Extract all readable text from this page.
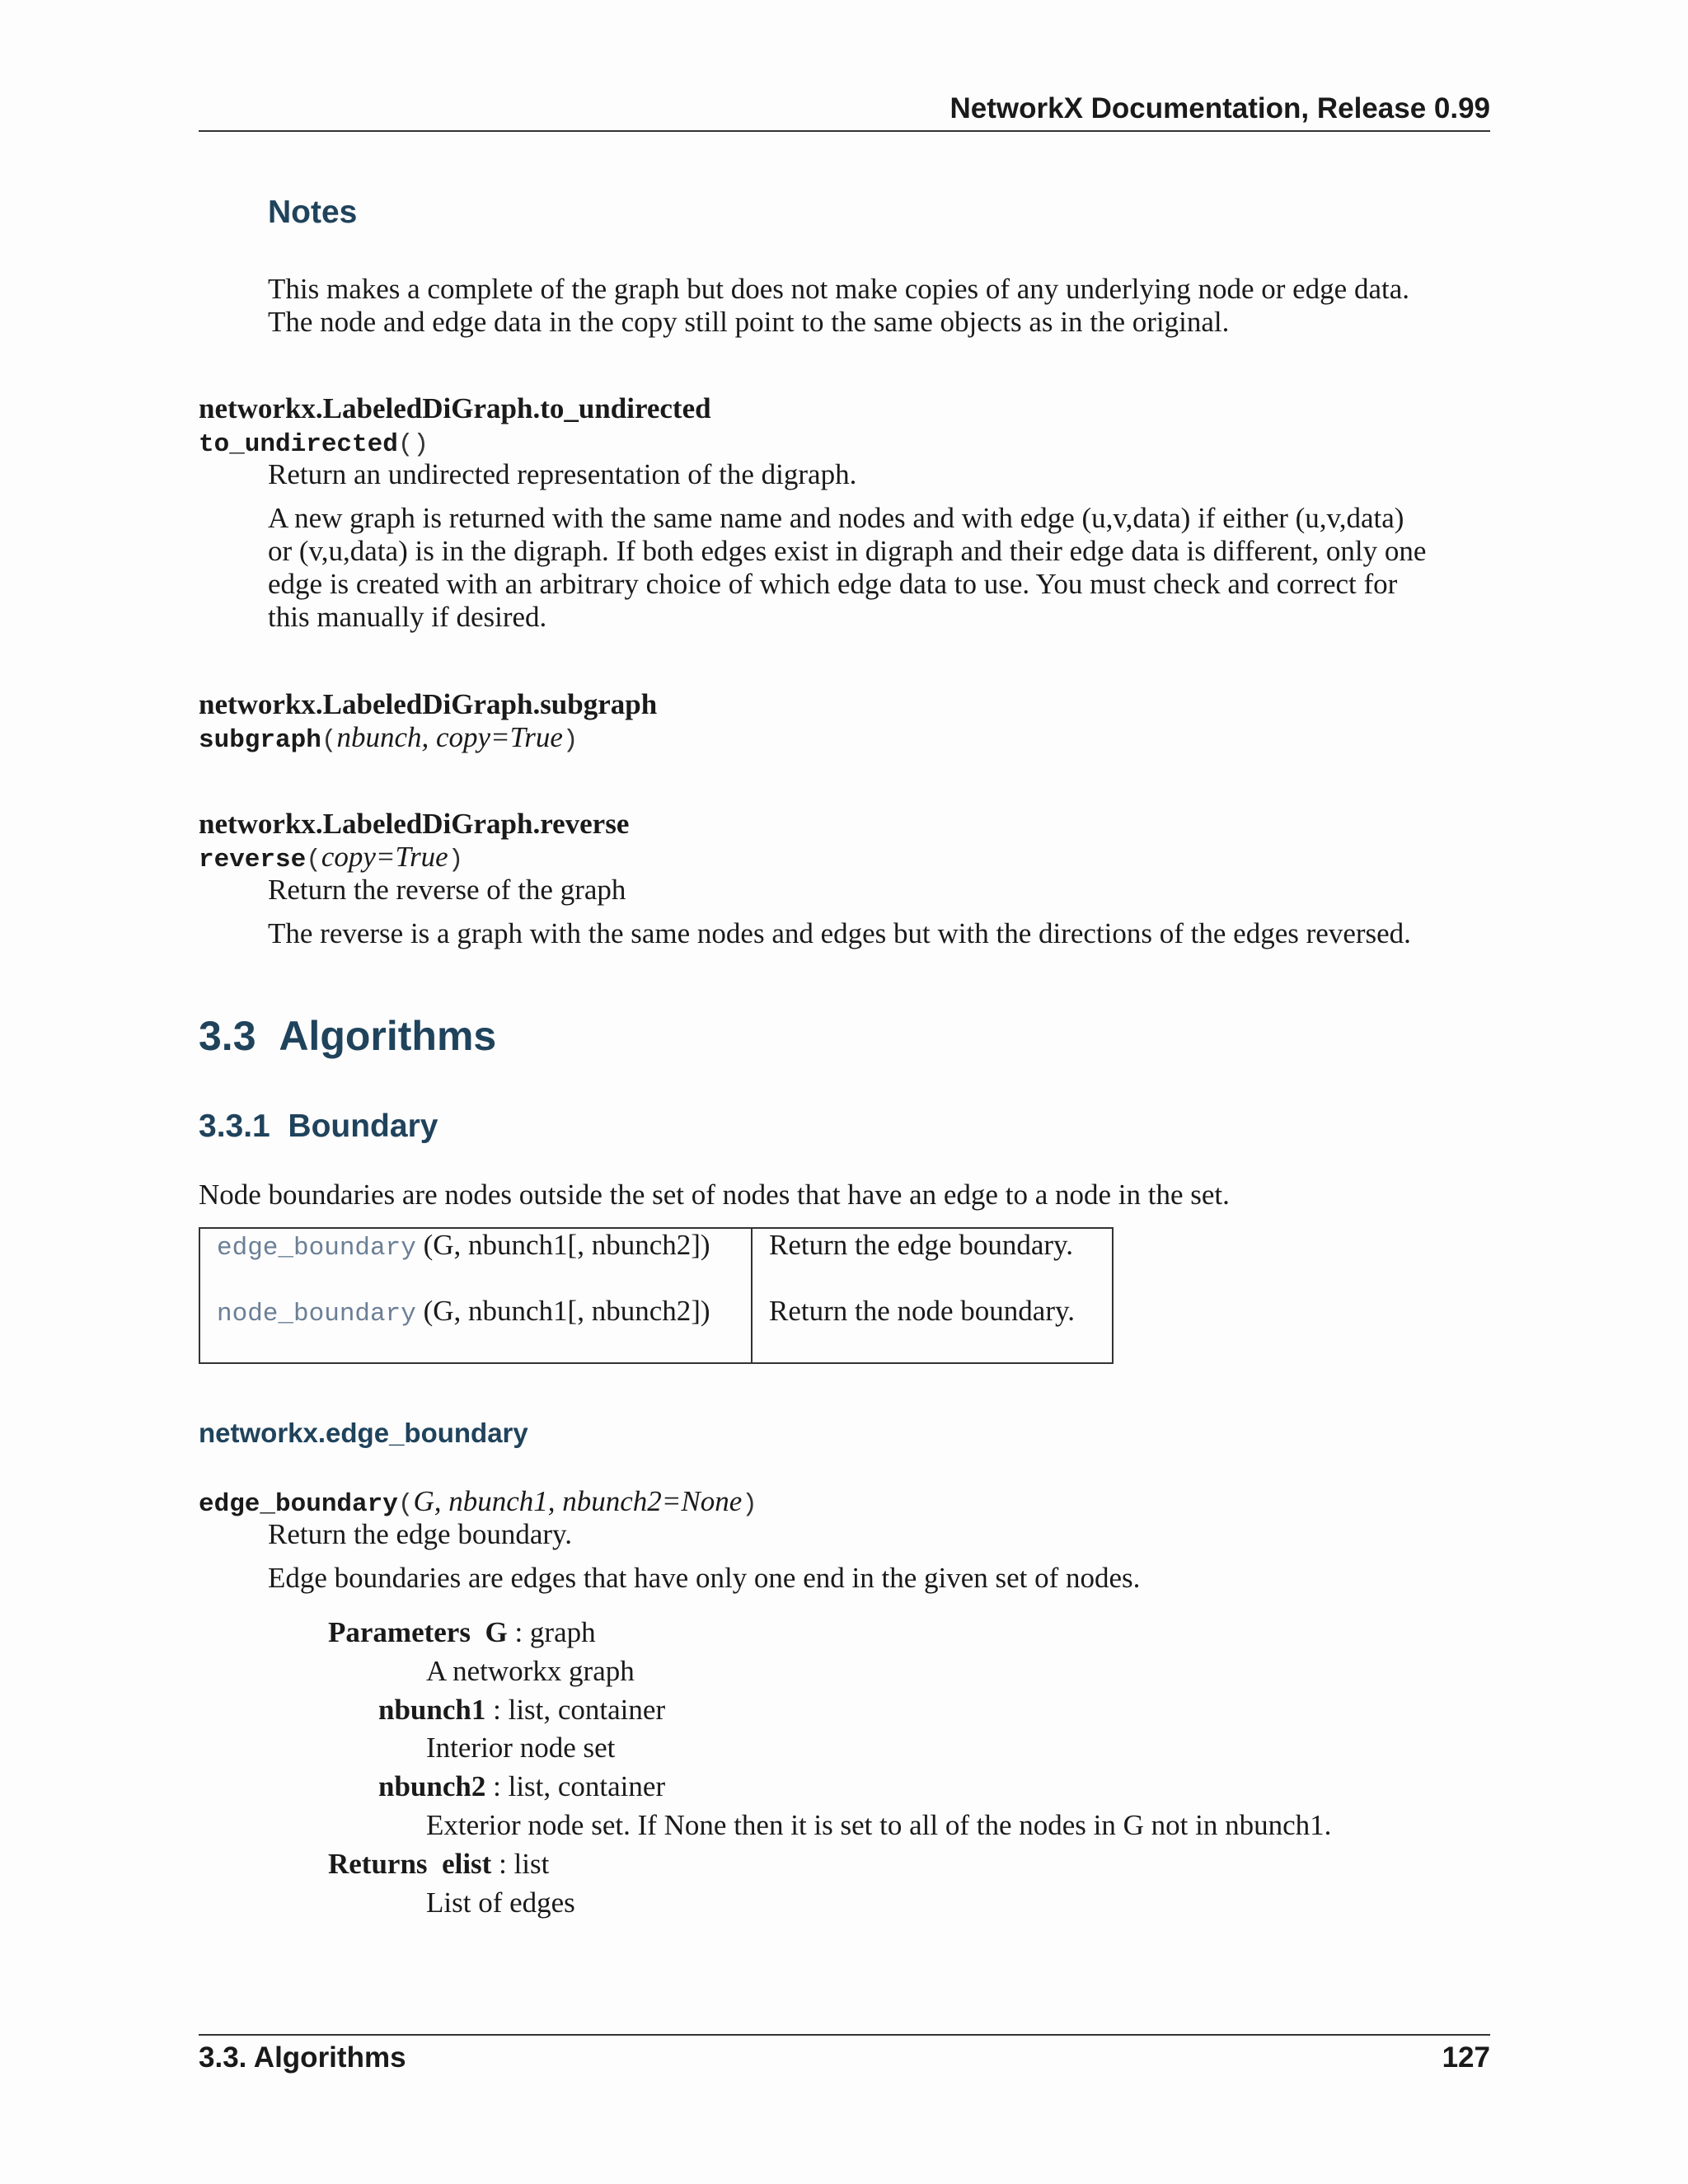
NetworkX Documentation, Release 0.99
Notes
This makes a complete of the graph but does not make copies of any underlying node or edge data.
The node and edge data in the copy still point to the same objects as in the original.
networkx.LabeledDiGraph.to_undirected
to_undirected()
Return an undirected representation of the digraph.
A new graph is returned with the same name and nodes and with edge (u,v,data) if either (u,v,data)
or (v,u,data) is in the digraph. If both edges exist in digraph and their edge data is different, only one
edge is created with an arbitrary choice of which edge data to use. You must check and correct for
this manually if desired.
networkx.LabeledDiGraph.subgraph
subgraph(nbunch, copy=True)
networkx.LabeledDiGraph.reverse
reverse(copy=True)
Return the reverse of the graph
The reverse is a graph with the same nodes and edges but with the directions of the edges reversed.
3.3 Algorithms
3.3.1 Boundary
Node boundaries are nodes outside the set of nodes that have an edge to a node in the set.
edge_boundary (G, nbunch1[, nbunch2])	Return the edge boundary.
node_boundary (G, nbunch1[, nbunch2])	Return the node boundary.
networkx.edge_boundary
edge_boundary(G, nbunch1, nbunch2=None)
Return the edge boundary.
Edge boundaries are edges that have only one end in the given set of nodes.
Parameters G : graph
A networkx graph
nbunch1 : list, container
Interior node set
nbunch2 : list, container
Exterior node set. If None then it is set to all of the nodes in G not in nbunch1.
Returns elist : list
List of edges
3.3. Algorithms	127
